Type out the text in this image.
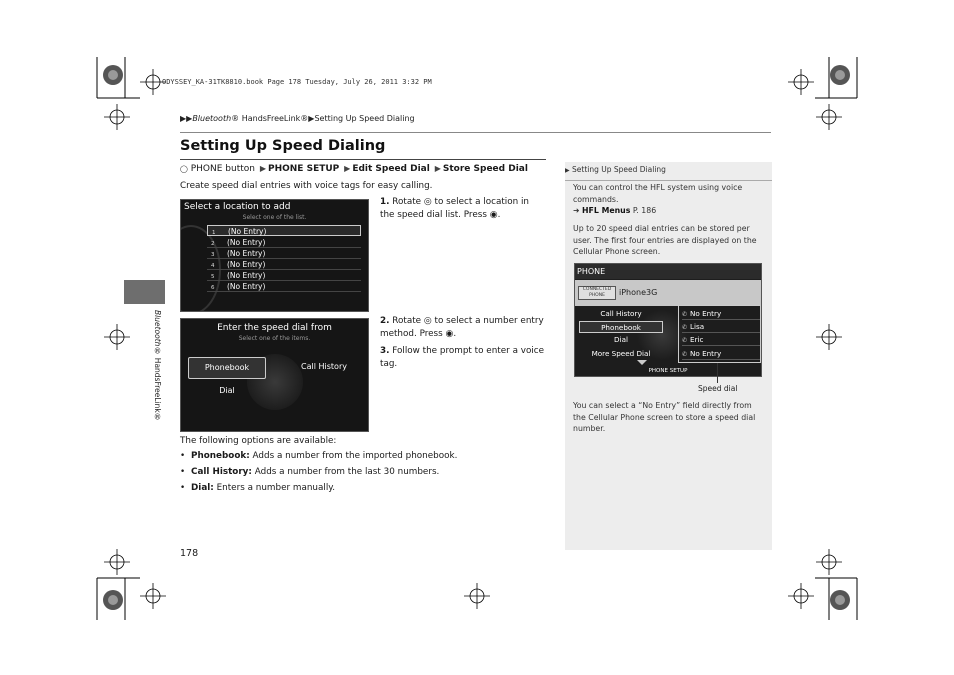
ODYSSEY_KA-31TK8810.book Page 178 Tuesday, July 26, 2011 3:32 PM
▶▶Bluetooth® HandsFreeLink®▶Setting Up Speed Dialing
Bluetooth® HandsFreeLink®
Setting Up Speed Dialing
◯ PHONE button ▶ PHONE SETUP ▶ Edit Speed Dial ▶ Store Speed Dial
Create speed dial entries with voice tags for easy calling.
Select a location to add
Select one of the list.
1 (No Entry)
2 (No Entry)
3 (No Entry)
4 (No Entry)
5 (No Entry)
6 (No Entry)
Enter the speed dial from
Select one of the items.
Phonebook	Call History
Dial
1. Rotate ◎ to select a location in the speed dial list. Press ◉.
2. Rotate ◎ to select a number entry method. Press ◉.
3. Follow the prompt to enter a voice tag.
The following options are available:
• Phonebook: Adds a number from the imported phonebook.
• Call History: Adds a number from the last 30 numbers.
• Dial: Enters a number manually.
178
▶ Setting Up Speed Dialing
You can control the HFL system using voice commands.
➜ HFL Menus P. 186
Up to 20 speed dial entries can be stored per user. The first four entries are displayed on the Cellular Phone screen.
PHONE
CONNECTED PHONE	iPhone3G
Call History
Phonebook
Dial
More Speed Dial
✆ No Entry
✆ Lisa
✆ Eric
✆ No Entry
PHONE SETUP
Speed dial
You can select a “No Entry” field directly from the Cellular Phone screen to store a speed dial number.
